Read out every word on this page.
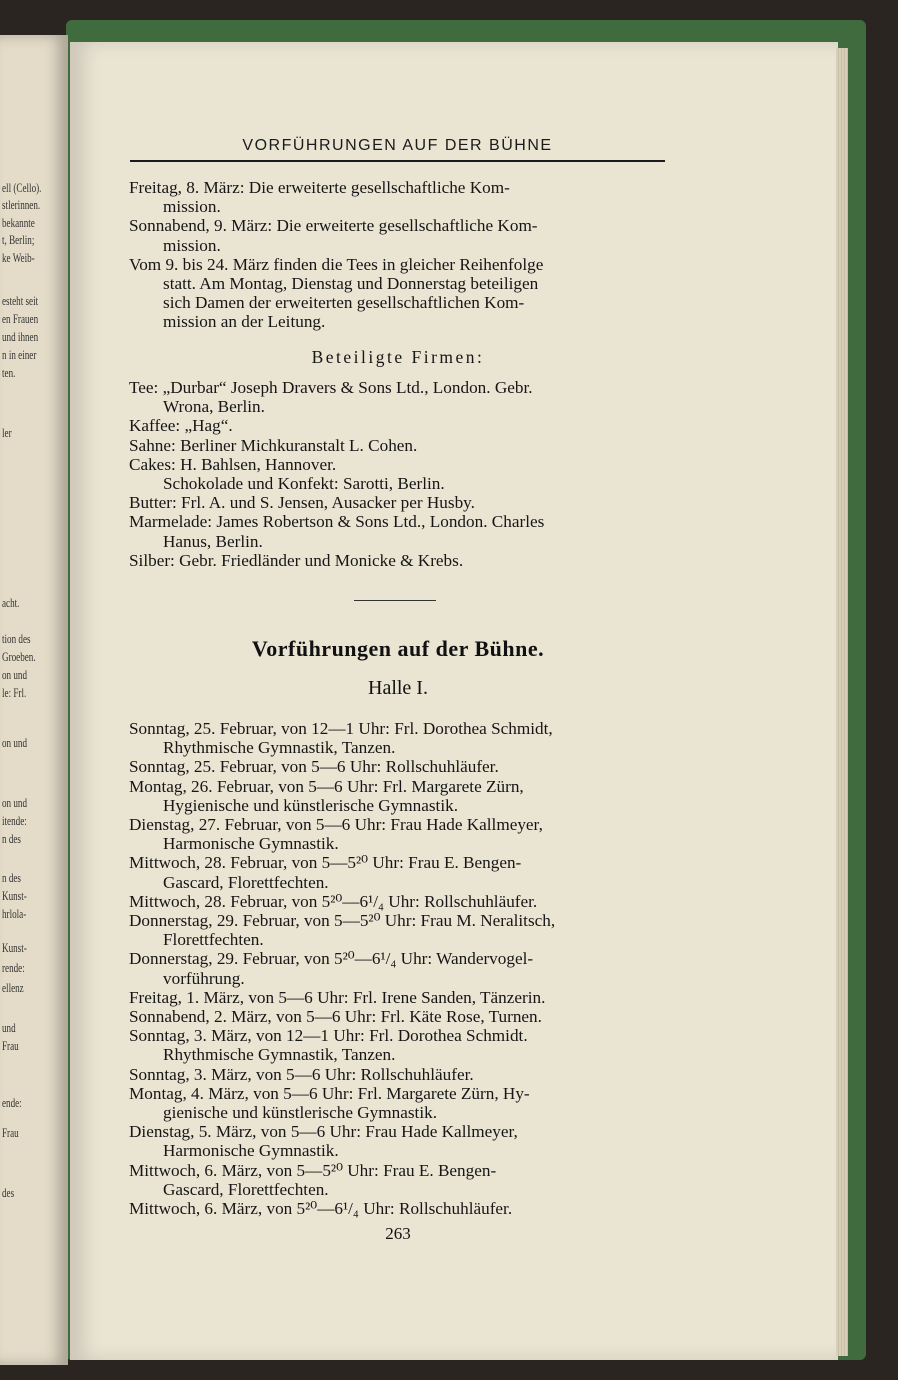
ell (Cello).
stlerinnen.
bekannte
t, Berlin;
ke Weib-
esteht seit
en Frauen
und ihnen
n in einer
ten.
ler
acht.
tion des
Groeben.
on und
le: Frl.
on und
on und
itende:
n des
n des
Kunst-
hrlola-
Kunst-
rende:
ellenz
und
Frau
ende:
Frau
des
VORFÜHRUNGEN AUF DER BÜHNE
Freitag, 8. März: Die erweiterte gesellschaftliche Kom-
mission.
Sonnabend, 9. März: Die erweiterte gesellschaftliche Kom-
mission.
Vom 9. bis 24. März finden die Tees in gleicher Reihenfolge
statt. Am Montag, Dienstag und Donnerstag beteiligen
sich Damen der erweiterten gesellschaftlichen Kom-
mission an der Leitung.
Beteiligte Firmen:
Tee: „Durbar“ Joseph Dravers & Sons Ltd., London. Gebr.
Wrona, Berlin.
Kaffee: „Hag“.
Sahne: Berliner Michkuranstalt L. Cohen.
Cakes: H. Bahlsen, Hannover.
Schokolade und Konfekt: Sarotti, Berlin.
Butter: Frl. A. und S. Jensen, Ausacker per Husby.
Marmelade: James Robertson & Sons Ltd., London. Charles
Hanus, Berlin.
Silber: Gebr. Friedländer und Monicke & Krebs.
Vorführungen auf der Bühne.
Halle I.
Sonntag, 25. Februar, von 12—1 Uhr: Frl. Dorothea Schmidt,
Rhythmische Gymnastik, Tanzen.
Sonntag, 25. Februar, von 5—6 Uhr: Rollschuhläufer.
Montag, 26. Februar, von 5—6 Uhr: Frl. Margarete Zürn,
Hygienische und künstlerische Gymnastik.
Dienstag, 27. Februar, von 5—6 Uhr: Frau Hade Kallmeyer,
Harmonische Gymnastik.
Mittwoch, 28. Februar, von 5—5²⁰ Uhr: Frau E. Bengen-
Gascard, Florettfechten.
Mittwoch, 28. Februar, von 5²⁰—6¹/₄ Uhr: Rollschuhläufer.
Donnerstag, 29. Februar, von 5—5²⁰ Uhr: Frau M. Neralitsch,
Florettfechten.
Donnerstag, 29. Februar, von 5²⁰—6¹/₄ Uhr: Wandervogel-
vorführung.
Freitag, 1. März, von 5—6 Uhr: Frl. Irene Sanden, Tänzerin.
Sonnabend, 2. März, von 5—6 Uhr: Frl. Käte Rose, Turnen.
Sonntag, 3. März, von 12—1 Uhr: Frl. Dorothea Schmidt.
Rhythmische Gymnastik, Tanzen.
Sonntag, 3. März, von 5—6 Uhr: Rollschuhläufer.
Montag, 4. März, von 5—6 Uhr: Frl. Margarete Zürn, Hy-
gienische und künstlerische Gymnastik.
Dienstag, 5. März, von 5—6 Uhr: Frau Hade Kallmeyer,
Harmonische Gymnastik.
Mittwoch, 6. März, von 5—5²⁰ Uhr: Frau E. Bengen-
Gascard, Florettfechten.
Mittwoch, 6. März, von 5²⁰—6¹/₄ Uhr: Rollschuhläufer.
263
